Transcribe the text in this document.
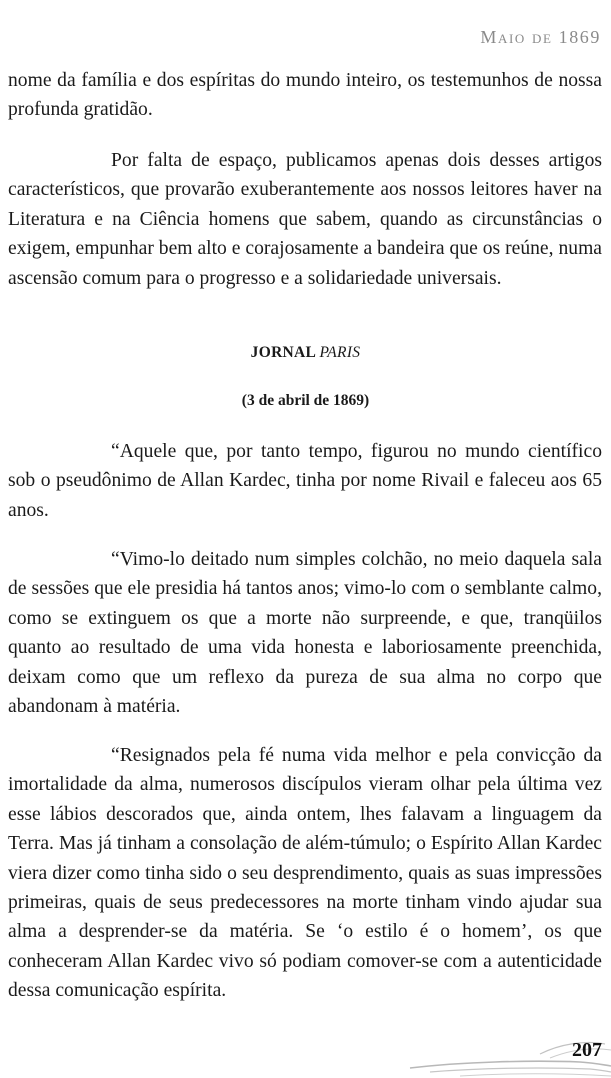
Maio de 1869

nome da família e dos espíritas do mundo inteiro, os testemunhos de nossa profunda gratidão.

Por falta de espaço, publicamos apenas dois desses artigos característicos, que provarão exuberantemente aos nossos leitores haver na Literatura e na Ciência homens que sabem, quando as circunstâncias o exigem, empunhar bem alto e corajosamente a bandeira que os reúne, numa ascensão comum para o progresso e a solidariedade universais.

JORNAL PARIS
(3 de abril de 1869)

“Aquele que, por tanto tempo, figurou no mundo científico sob o pseudônimo de Allan Kardec, tinha por nome Rivail e faleceu aos 65 anos.

“Vimo-lo deitado num simples colchão, no meio daquela sala de sessões que ele presidia há tantos anos; vimo-lo com o semblante calmo, como se extinguem os que a morte não surpreende, e que, tranqüilos quanto ao resultado de uma vida honesta e laboriosamente preenchida, deixam como que um reflexo da pureza de sua alma no corpo que abandonam à matéria.

“Resignados pela fé numa vida melhor e pela convicção da imortalidade da alma, numerosos discípulos vieram olhar pela última vez esse lábios descorados que, ainda ontem, lhes falavam a linguagem da Terra. Mas já tinham a consolação de além-túmulo; o Espírito Allan Kardec viera dizer como tinha sido o seu desprendimento, quais as suas impressões primeiras, quais de seus predecessores na morte tinham vindo ajudar sua alma a desprender-se da matéria. Se ‘o estilo é o homem’, os que conheceram Allan Kardec vivo só podiam comover-se com a autenticidade dessa comunicação espírita.

207
